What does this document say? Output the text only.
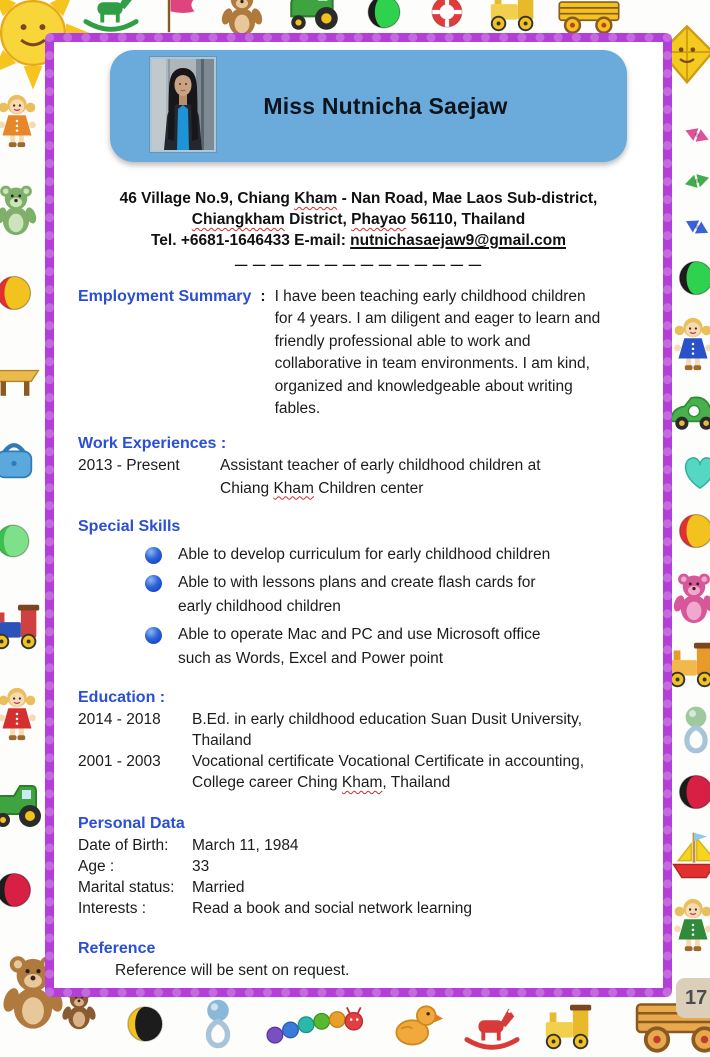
Miss Nutnicha Saejaw
46 Village No.9, Chiang Kham - Nan Road, Mae Laos Sub-district,
Chiangkham District, Phayao 56110, Thailand
Tel. +6681-1646433 E-mail: nutnichasaejaw9@gmail.com
— — — — — — — — — — — — — —
Employment Summary : I have been teaching early childhood children
for 4 years. I am diligent and eager to learn and
friendly professional able to work and
collaborative in team environments. I am kind,
organized and knowledgeable about writing
fables.
Work Experiences :
2013 - Present	Assistant teacher of early childhood children at
Chiang Kham Children center
Special Skills
Able to develop curriculum for early childhood children
Able to with lessons plans and create flash cards for
early childhood children
Able to operate Mac and PC and use Microsoft office
such as Words, Excel and Power point
Education :
2014 - 2018	B.Ed. in early childhood education Suan Dusit University,
Thailand
2001 - 2003	Vocational certificate Vocational Certificate in accounting,
College career Ching Kham, Thailand
Personal Data
Date of Birth:	March 11, 1984
Age :	33
Marital status:	Married
Interests :	Read a book and social network learning
Reference
Reference will be sent on request.
17
